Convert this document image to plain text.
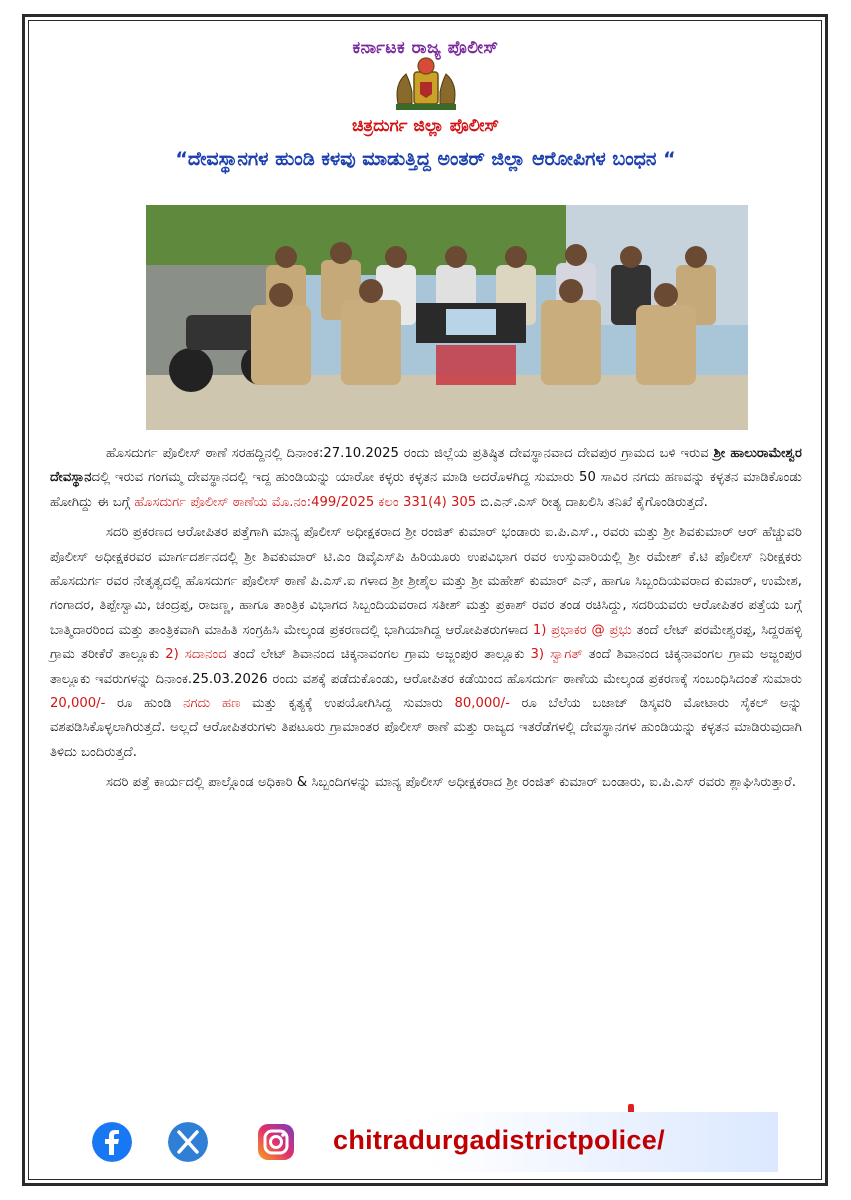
ಕರ್ನಾಟಕ ರಾಜ್ಯ ಪೊಲೀಸ್
ಚಿತ್ರದುರ್ಗ ಜಿಲ್ಲಾ ಪೊಲೀಸ್
“ದೇವಸ್ಥಾನಗಳ ಹುಂಡಿ ಕಳವು ಮಾಡುತ್ತಿದ್ದ ಅಂತರ್ ಜಿಲ್ಲಾ ಆರೋಪಿಗಳ ಬಂಧನ “

ಹೊಸದುರ್ಗ ಪೊಲೀಸ್ ಠಾಣೆ ಸರಹದ್ದಿನಲ್ಲಿ ದಿನಾಂಕ:27.10.2025 ರಂದು ಜಿಲ್ಲೆಯ ಪ್ರತಿಷ್ಠಿತ ದೇವಸ್ಥಾನವಾದ ದೇವಪುರ ಗ್ರಾಮದ ಬಳಿ ಇರುವ ಶ್ರೀ ಹಾಲುರಾಮೇಶ್ವರ ದೇವಸ್ಥಾನದಲ್ಲಿ ಇರುವ ಗಂಗಮ್ಮ ದೇವಸ್ಥಾನದಲ್ಲಿ ಇದ್ದ ಹುಂಡಿಯನ್ನು ಯಾರೋ ಕಳ್ಳರು ಕಳ್ಳತನ ಮಾಡಿ ಅದರೊಳಗಿದ್ದ ಸುಮಾರು 50 ಸಾವಿರ ನಗದು ಹಣವನ್ನು ಕಳ್ಳತನ ಮಾಡಿಕೊಂಡು ಹೋಗಿದ್ದು ಈ ಬಗ್ಗೆ ಹೊಸದುರ್ಗ ಪೊಲೀಸ್ ಠಾಣೆಯ ಮೊ.ನಂ:499/2025 ಕಲಂ 331(4) 305 ಬಿ.ಎನ್.ಎಸ್ ರೀತ್ಯ ದಾಖಲಿಸಿ ತನಿಖೆ ಕೈಗೊಂಡಿರುತ್ತದೆ.

ಸದರಿ ಪ್ರಕರಣದ ಆರೋಪಿತರ ಪತ್ತೆಗಾಗಿ ಮಾನ್ಯ ಪೊಲೀಸ್ ಅಧೀಕ್ಷಕರಾದ ಶ್ರೀ ರಂಜಿತ್ ಕುಮಾರ್ ಭಂಡಾರು ಐ.ಪಿ.ಎಸ್., ರವರು ಮತ್ತು ಶ್ರೀ ಶಿವಕುಮಾರ್ ಆರ್ ಹೆಚ್ಚುವರಿ ಪೊಲೀಸ್ ಅಧೀಕ್ಷಕರವರ ಮಾರ್ಗದರ್ಶನದಲ್ಲಿ ಶ್ರೀ ಶಿವಕುಮಾರ್ ಟಿ.ಎಂ ಡಿವೈಎಸ್‌ಪಿ ಹಿರಿಯೂರು ಉಪವಿಭಾಗ ರವರ ಉಸ್ತುವಾರಿಯಲ್ಲಿ ಶ್ರೀ ರಮೇಶ್ ಕೆ.ಟಿ ಪೊಲೀಸ್ ನಿರೀಕ್ಷಕರು ಹೊಸದುರ್ಗ ರವರ ನೇತೃತ್ವದಲ್ಲಿ ಹೊಸದುರ್ಗ ಪೊಲೀಸ್ ಠಾಣೆ ಪಿ.ಎಸ್.ಐ ಗಳಾದ ಶ್ರೀ ಶ್ರೀಶೈಲ ಮತ್ತು ಶ್ರೀ ಮಹೇಶ್ ಕುಮಾರ್ ಎನ್, ಹಾಗೂ ಸಿಬ್ಬಂದಿಯವರಾದ ಕುಮಾರ್, ಉಮೇಶ, ಗಂಗಾದರ, ತಿಪ್ಪೇಸ್ವಾಮಿ, ಚಂದ್ರಪ್ಪ, ರಾಜಣ್ಣ, ಹಾಗೂ ತಾಂತ್ರಿಕ ವಿಭಾಗದ ಸಿಬ್ಬಂದಿಯವರಾದ ಸತೀಶ್ ಮತ್ತು ಪ್ರಕಾಶ್ ರವರ ತಂಡ ರಚಿಸಿದ್ದು, ಸದರಿಯವರು ಆರೋಪಿತರ ಪತ್ತೆಯ ಬಗ್ಗೆ ಬಾತ್ಮಿದಾರರಿಂದ ಮತ್ತು ತಾಂತ್ರಿಕವಾಗಿ ಮಾಹಿತಿ ಸಂಗ್ರಹಿಸಿ ಮೇಲ್ಕಂಡ ಪ್ರಕರಣದಲ್ಲಿ ಭಾಗಿಯಾಗಿದ್ದ ಆರೋಪಿತರುಗಳಾದ 1) ಪ್ರಭಾಕರ @ ಪ್ರಭು ತಂದೆ ಲೇಟ್ ಪರಮೇಶ್ವರಪ್ಪ, ಸಿದ್ದರಹಳ್ಳಿ ಗ್ರಾಮ ತರೀಕೆರೆ ತಾಲ್ಲೂಕು 2) ಸದಾನಂದ ತಂದೆ ಲೇಟ್ ಶಿವಾನಂದ ಚಿಕ್ಕನಾವಂಗಲ ಗ್ರಾಮ ಅಜ್ಜಂಪುರ ತಾಲ್ಲೂಕು 3) ಸ್ವಾಗತ್ ತಂದೆ ಶಿವಾನಂದ ಚಿಕ್ಕನಾವಂಗಲ ಗ್ರಾಮ ಅಜ್ಜಂಪುರ ತಾಲ್ಲೂಕು ಇವರುಗಳನ್ನು ದಿನಾಂಕ.25.03.2026 ರಂದು ವಶಕ್ಕೆ ಪಡೆದುಕೊಂಡು, ಆರೋಪಿತರ ಕಡೆಯಿಂದ ಹೊಸದುರ್ಗ ಠಾಣೆಯ ಮೇಲ್ಕಂಡ ಪ್ರಕರಣಕ್ಕೆ ಸಂಬಂಧಿಸಿದಂತೆ ಸುಮಾರು 20,000/- ರೂ ಹುಂಡಿ ನಗದು ಹಣ ಮತ್ತು ಕೃತ್ಯಕ್ಕೆ ಉಪಯೋಗಿಸಿದ್ದ ಸುಮಾರು 80,000/- ರೂ ಬೆಲೆಯ ಬಜಾಜ್ ಡಿಸ್ಕವರಿ ಮೋಟಾರು ಸೈಕಲ್ ಅನ್ನು ವಶಪಡಿಸಿಕೊಳ್ಳಲಾಗಿರುತ್ತದೆ. ಅಲ್ಲದೆ ಆರೋಪಿತರುಗಳು ತಿಪಟೂರು ಗ್ರಾಮಾಂತರ ಪೊಲೀಸ್ ಠಾಣೆ ಮತ್ತು ರಾಜ್ಯದ ಇತರೆಡೆಗಳಲ್ಲಿ ದೇವಸ್ಥಾನಗಳ ಹುಂಡಿಯನ್ನು ಕಳ್ಳತನ ಮಾಡಿರುವುದಾಗಿ ತಿಳಿದು ಬಂದಿರುತ್ತದೆ.

ಸದರಿ ಪತ್ತೆ ಕಾರ್ಯದಲ್ಲಿ ಪಾಲ್ಗೊಂಡ ಅಧಿಕಾರಿ & ಸಿಬ್ಬಂದಿಗಳನ್ನು ಮಾನ್ಯ ಪೊಲೀಸ್ ಅಧೀಕ್ಷಕರಾದ ಶ್ರೀ ರಂಜಿತ್ ಕುಮಾರ್ ಬಂಡಾರು, ಐ.ಪಿ.ಎಸ್ ರವರು ಶ್ಲಾಘಿಸಿರುತ್ತಾರೆ.

chitradurgadistrictpolice/
